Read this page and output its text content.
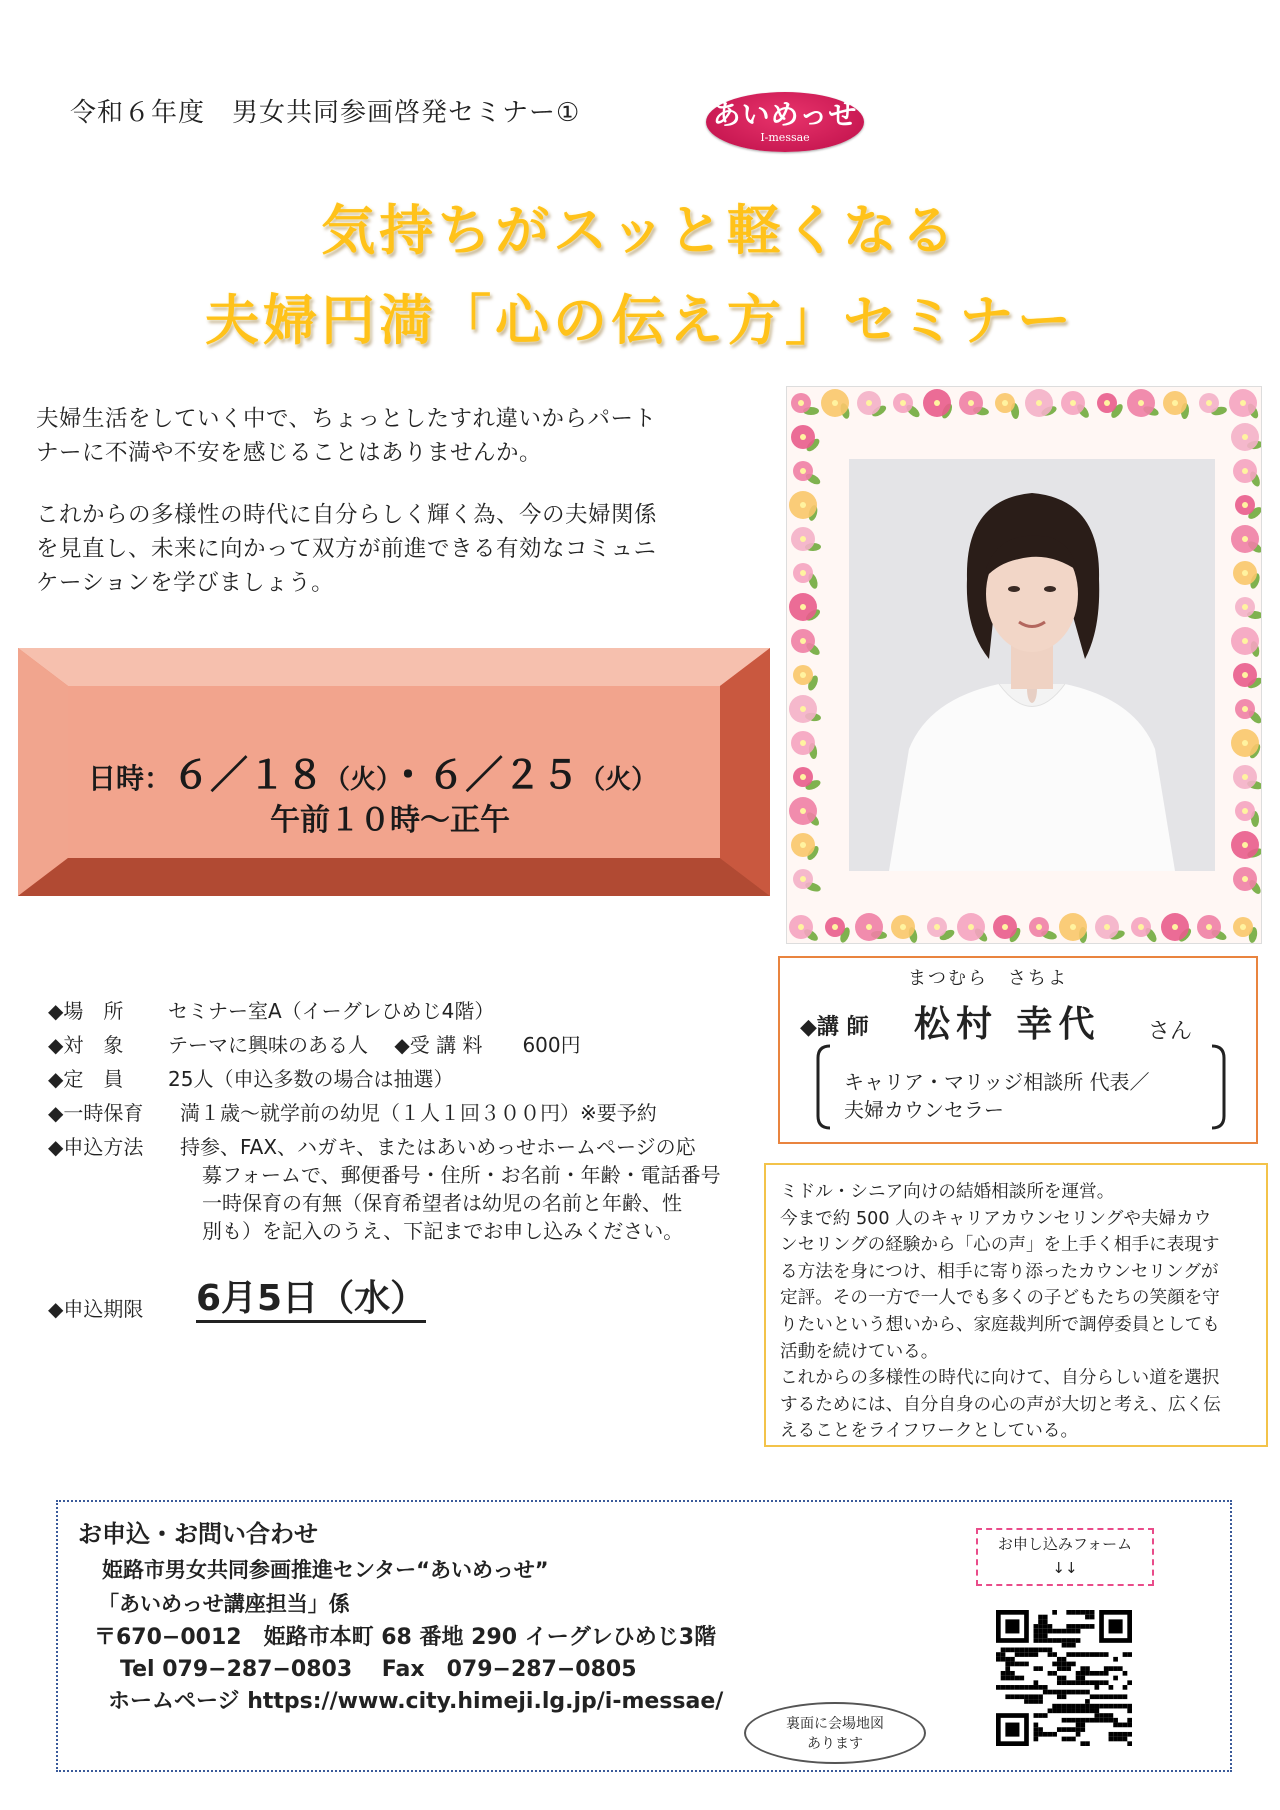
令和６年度　男女共同参画啓発セミナー①	あいめっせ
I-messae
気持ちがスッと軽くなる
夫婦円満「心の伝え方」セミナー
夫婦生活をしていく中で、ちょっとしたすれ違いからパート
ナーに不満や不安を感じることはありませんか。
これからの多様性の時代に自分らしく輝く為、今の夫婦関係
を見直し、未来に向かって双方が前進できる有効なコミュニ
ケーションを学びましょう。
日時：６／１８（火）・６／２５（火）
午前１０時～正午
◆場　所 セミナー室A（イーグレひめじ4階）
◆対　象 テーマに興味のある人　 ◆受 講 料　　600円
◆定　員 25人（申込多数の場合は抽選）
◆一時保育 満１歳～就学前の幼児（１人１回３００円）※要予約
◆申込方法 持参、FAX、ハガキ、またはあいめっせホームページの応
募フォームで、郵便番号・住所・お名前・年齢・電話番号
一時保育の有無（保育希望者は幼児の名前と年齢、性
別も）を記入のうえ、下記までお申し込みください。
◆申込期限 6月5日（水）
まつむら　さちよ
◆講 師 松村 幸代 さん
キャリア・マリッジ相談所 代表／
夫婦カウンセラー
ミドル・シニア向けの結婚相談所を運営。
今まで約 500 人のキャリアカウンセリングや夫婦カウ
ンセリングの経験から「心の声」を上手く相手に表現す
る方法を身につけ、相手に寄り添ったカウンセリングが
定評。その一方で一人でも多くの子どもたちの笑顔を守
りたいという想いから、家庭裁判所で調停委員としても
活動を続けている。
これからの多様性の時代に向けて、自分らしい道を選択
するためには、自分自身の心の声が大切と考え、広く伝
えることをライフワークとしている。
お申込・お問い合わせ
姫路市男女共同参画推進センター“あいめっせ”
「あいめっせ講座担当」係
〒670−0012　姫路市本町 68 番地 290 イーグレひめじ3階
Tel 079−287−0803　 Fax　079−287−0805
ホームページ https://www.city.himeji.lg.jp/i-messae/
お申し込みフォーム
↓↓
裏面に会場地図
あります
